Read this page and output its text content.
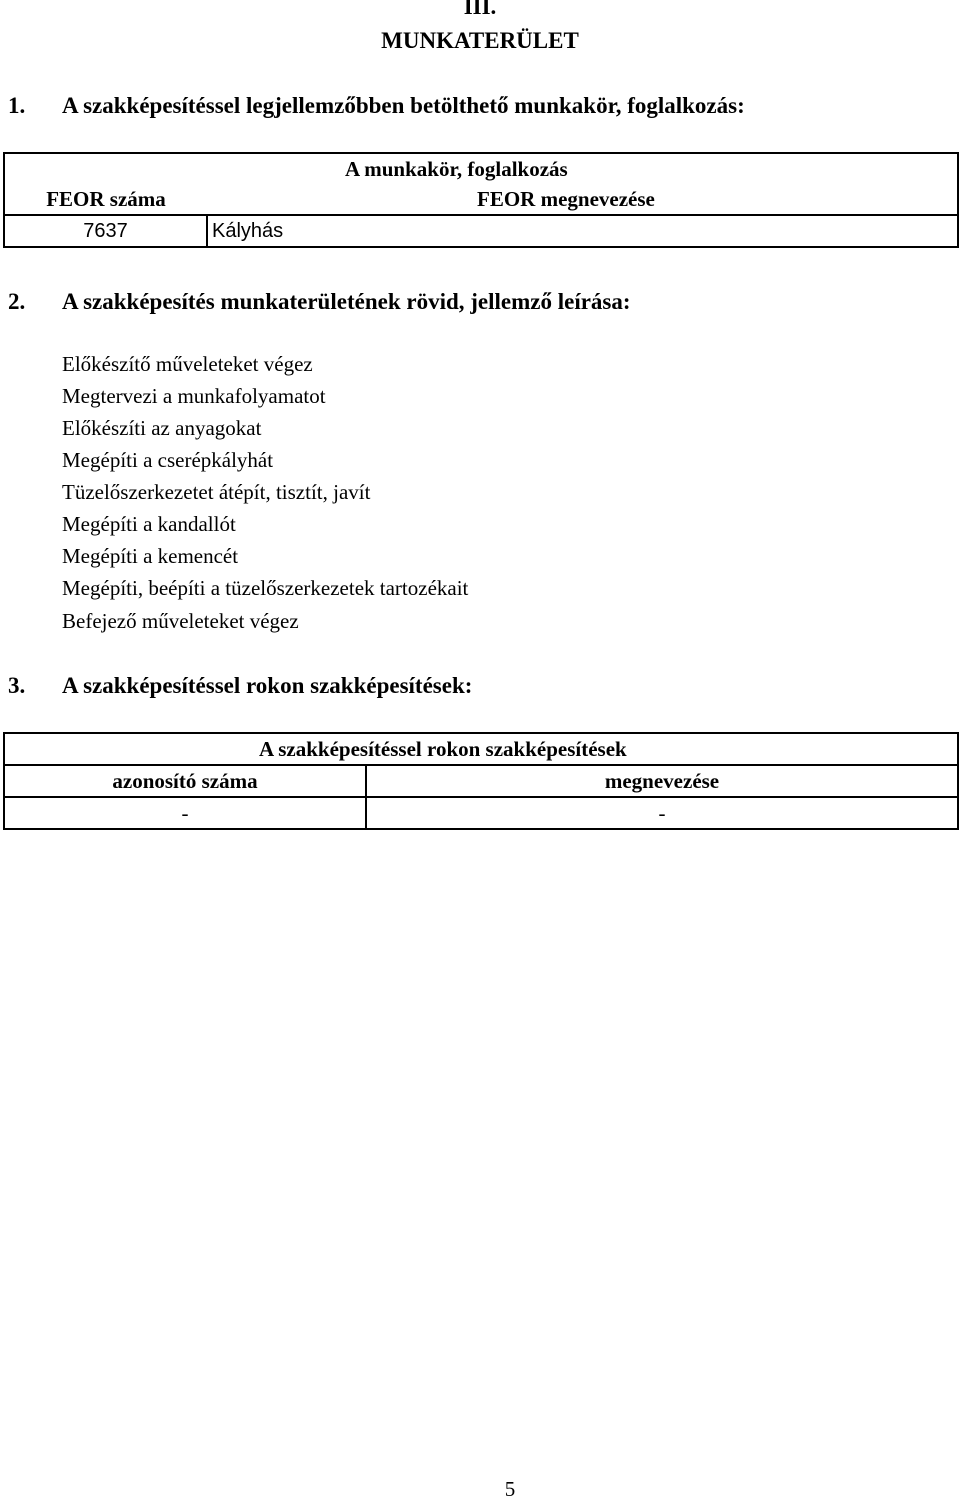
III.
MUNKATERÜLET
1. A szakképesítéssel legjellemzőbben betölthető munkakör, foglalkozás:
A munkakör, foglalkozás	
FEOR száma	FEOR megnevezése
7637	Kályhás
2. A szakképesítés munkaterületének rövid, jellemző leírása:
Előkészítő műveleteket végez
Megtervezi a munkafolyamatot
Előkészíti az anyagokat
Megépíti a cserépkályhát
Tüzelőszerkezetet átépít, tisztít, javít
Megépíti a kandallót
Megépíti a kemencét
Megépíti, beépíti a tüzelőszerkezetek tartozékait
Befejező műveleteket végez
3. A szakképesítéssel rokon szakképesítések:
A szakképesítéssel rokon szakképesítések	
azonosító száma	megnevezése
-	-
5
